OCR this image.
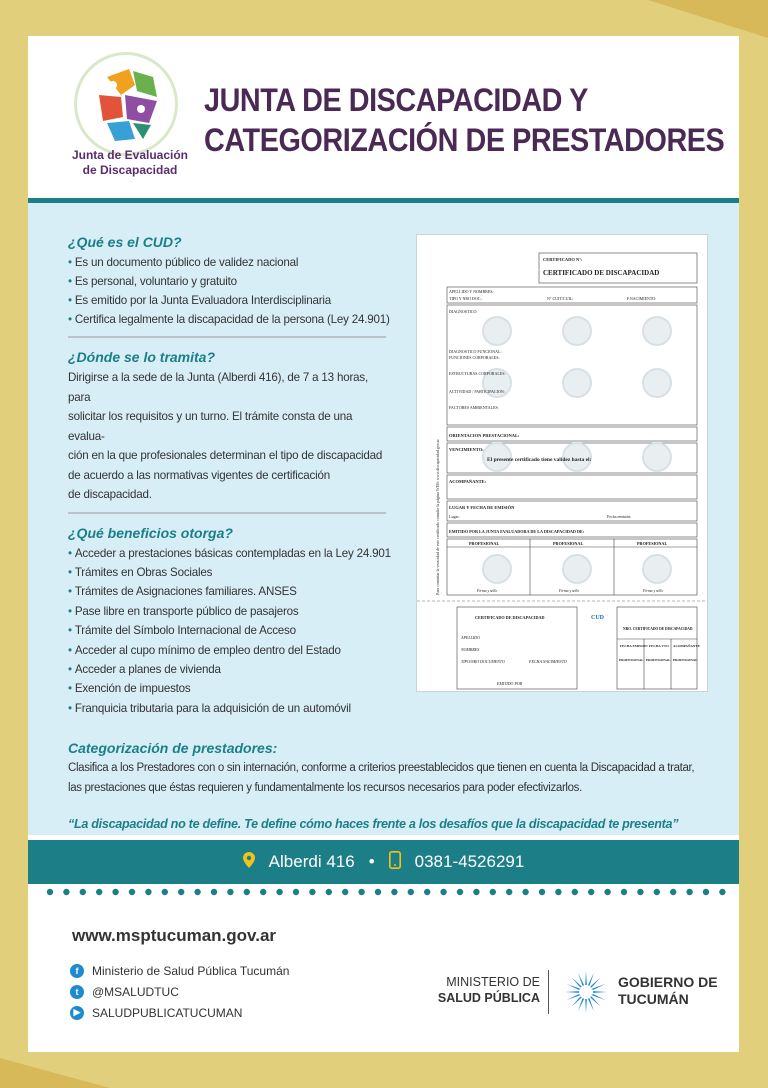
Junta de Evaluación
de Discapacidad
JUNTA DE DISCAPACIDAD Y
CATEGORIZACIÓN DE PRESTADORES
¿Qué es el CUD?
• Es un documento público de validez nacional
• Es personal, voluntario y gratuito
• Es emitido por la Junta Evaluadora Interdisciplinaria
• Certifica legalmente la discapacidad de la persona (Ley 24.901)
¿Dónde se lo tramita?
Dirigirse a la sede de la Junta (Alberdi 416), de 7 a 13 horas, para
solicitar los requisitos y un turno. El trámite consta de una evalua-
ción en la que profesionales determinan el tipo de discapacidad
de acuerdo a las normativas vigentes de certificación
de discapacidad.
¿Qué beneficios otorga?
• Acceder a prestaciones básicas contempladas en la Ley 24.901
• Trámites en Obras Sociales
• Trámites de Asignaciones familiares. ANSES
• Pase libre en transporte público de pasajeros
• Trámite del Símbolo Internacional de Acceso
• Acceder al cupo mínimo de empleo dentro del Estado
• Acceder a planes de vivienda
• Exención de impuestos
• Franquicia tributaria para la adquisición de un automóvil
CERTIFICADO N°:
CERTIFICADO DE DISCAPACIDAD
APELLIDO Y NOMBRES:
TIPO Y NRO DOC.:	N° CUIT/CUIL:	F.NACIMIENTO:
DIAGNOSTICO:
DIAGNOSTICO FUNCIONAL:
FUNCIONES CORPORALES:
ESTRUCTURAS CORPORALES:
ACTIVIDAD / PARTICIPACION:
FACTORES AMBIENTALES:
ORIENTACION PRESTACIONAL:
VENCIMIENTO:
El presente certificado tiene validez hasta el:
ACOMPAÑANTE:
LUGAR Y FECHA DE EMISIÓN
Lugar:	Fecha emisión:
EMITIDO POR LA JUNTA EVALUADORA DE LA DISCAPACIDAD DE:
PROFESIONAL	PROFESIONAL	PROFESIONAL
Firma y sello	Firma y sello	Firma y sello
CERTIFICADO DE DISCAPACIDAD
APELLIDO
NOMBRES
TIPO/NRO DOCUMENTO	FECHA NACIMIENTO
EMITIDO POR
NRO. CERTIFICADO DE DISCAPACIDAD
FECHA EMISION FECHA VTO ACOMPAÑANTE
PROFESIONAL PROFESIONAL PROFESIONAL
CUD
Para constatar la veracidad de este certificado consulte la página WEB: www.discapacidad.gov.ar
Categorización de prestadores:
Clasifica a los Prestadores con o sin internación, conforme a criterios preestablecidos que tienen en cuenta la Discapacidad a tratar,
las prestaciones que éstas requieren y fundamentalmente los recursos necesarios para poder efectivizarlos.
“La discapacidad no te define. Te define cómo haces frente a los desafíos que la discapacidad te presenta”
Alberdi 416 • 0381-4526291
www.msptucuman.gov.ar
f	Ministerio de Salud Pública Tucumán
t	@MSALUDTUC
▶ SALUDPUBLICATUCUMAN
MINISTERIO DE
SALUD PÚBLICA
GOBIERNO DE
TUCUMÁN
